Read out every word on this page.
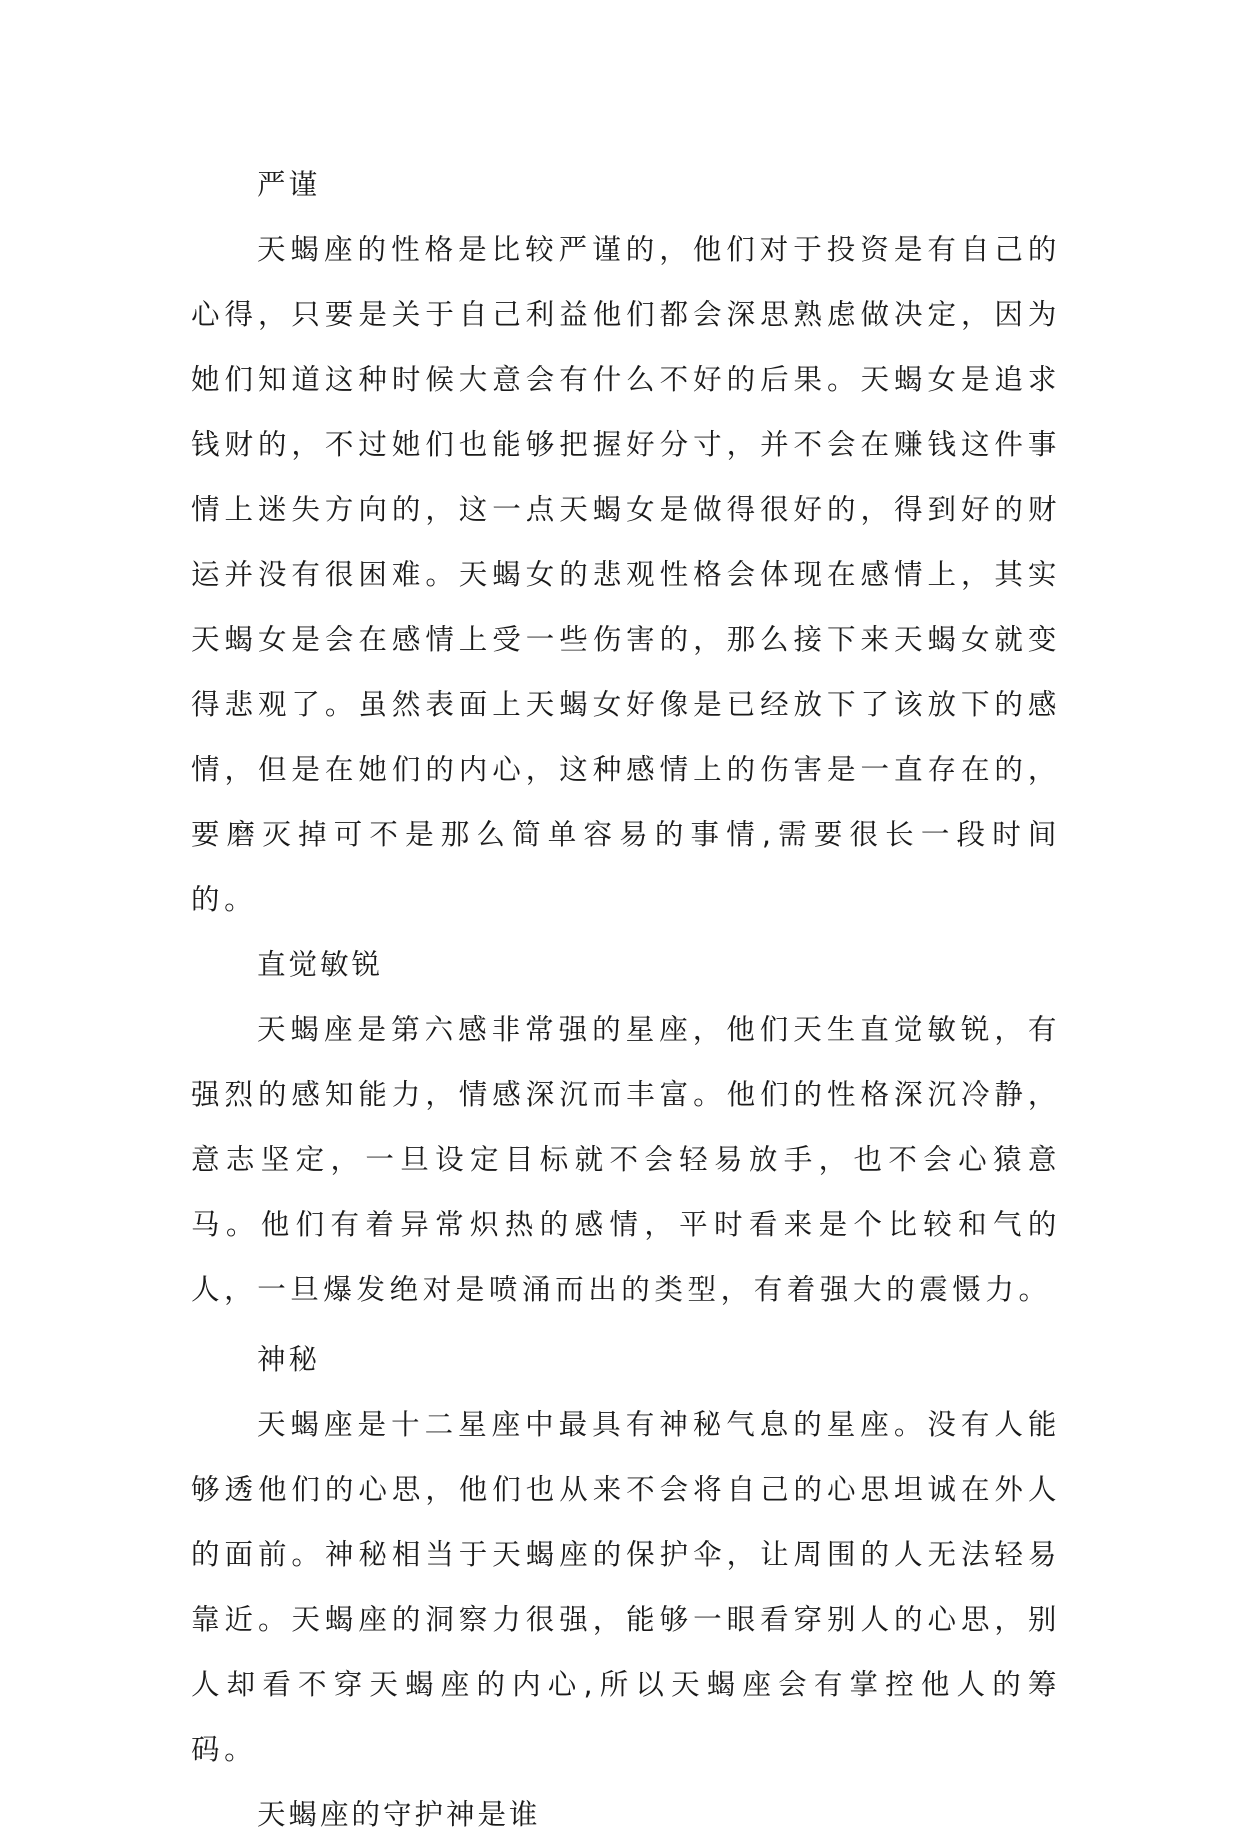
严谨

天蝎座的性格是比较严谨的，他们对于投资是有自己的心得，只要是关于自己利益他们都会深思熟虑做决定，因为她们知道这种时候大意会有什么不好的后果。天蝎女是追求钱财的，不过她们也能够把握好分寸，并不会在赚钱这件事情上迷失方向的，这一点天蝎女是做得很好的，得到好的财运并没有很困难。天蝎女的悲观性格会体现在感情上，其实天蝎女是会在感情上受一些伤害的，那么接下来天蝎女就变得悲观了。虽然表面上天蝎女好像是已经放下了该放下的感情，但是在她们的内心，这种感情上的伤害是一直存在的，要磨灭掉可不是那么简单容易的事情,需要很长一段时间的。

直觉敏锐

天蝎座是第六感非常强的星座，他们天生直觉敏锐，有强烈的感知能力，情感深沉而丰富。他们的性格深沉冷静，意志坚定，一旦设定目标就不会轻易放手，也不会心猿意马。他们有着异常炽热的感情，平时看来是个比较和气的人，一旦爆发绝对是喷涌而出的类型，有着强大的震慑力。

神秘

天蝎座是十二星座中最具有神秘气息的星座。没有人能够透他们的心思，他们也从来不会将自己的心思坦诚在外人的面前。神秘相当于天蝎座的保护伞，让周围的人无法轻易靠近。天蝎座的洞察力很强，能够一眼看穿别人的心思，别人却看不穿天蝎座的内心,所以天蝎座会有掌控他人的筹码。

天蝎座的守护神是谁
